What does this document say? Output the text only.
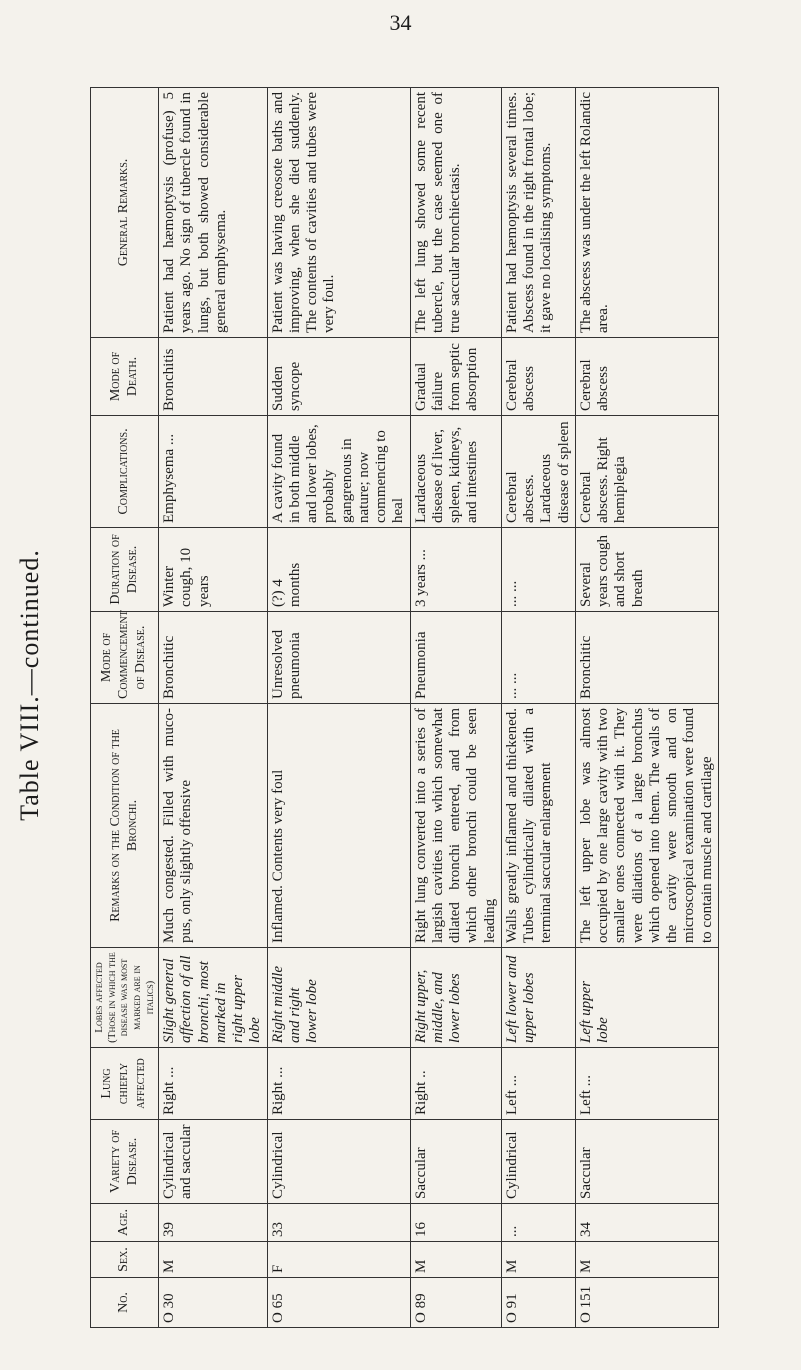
34
Table VIII.—continued.
No.	Sex.	Age.	Variety of Disease.	Lung chiefly affected	Lobes affected (Those in which the disease was most marked are in italics)	Remarks on the Condition of the Bronchi.	Mode of Commencement of Disease.	Duration of Disease.	Complications.	Mode of Death.	General Remarks.
O 30	M	39	Cylindrical and saccular	Right ...	Slight general affection of all bronchi, most marked in right upper lobe	Much congested. Filled with muco-pus, only slightly offensive	Bronchitic	Winter cough, 10 years	Emphysema ...	Bronchitis	Patient had hæmoptysis (profuse) 5 years ago. No sign of tubercle found in lungs, but both showed considerable general emphysema.
O 65	F	33	Cylindrical	Right ...	Right middle and right lower lobe	Inflamed. Contents very foul	Unresolved pneumonia	(?) 4 months	A cavity found in both middle and lower lobes, probably gangrenous in nature; now commencing to heal	Sudden syncope	Patient was having creosote baths and improving, when she died suddenly. The contents of cavities and tubes were very foul.
O 89	M	16	Saccular	Right ..	Right upper, middle, and lower lobes	Right lung converted into a series of largish cavities into which somewhat dilated bronchi entered, and from which other bronchi could be seen leading	Pneumonia	3 years ...	Lardaceous disease of liver, spleen, kidneys, and intestines	Gradual failure from septic absorption	The left lung showed some recent tubercle, but the case seemed one of true saccular bronchiectasis.
O 91	M	...	Cylindrical	Left ...	Left lower and upper lobes	Walls greatly inflamed and thickened. Tubes cylindrically dilated with a terminal saccular enlargement	... ...	... ...	Cerebral abscess. Lardaceous disease of spleen	Cerebral abscess	Patient had hæmoptysis several times. Abscess found in the right frontal lobe; it gave no localising symptoms.
O 151	M	34	Saccular	Left ...	Left upper lobe	The left upper lobe was almost occupied by one large cavity with two smaller ones connected with it. They were dilations of a large bronchus which opened into them. The walls of the cavity were smooth and on microscopical examination were found to contain muscle and cartilage	Bronchitic	Several years cough and short breath	Cerebral abscess. Right hemiplegia	Cerebral abscess	The abscess was under the left Rolandic area.
